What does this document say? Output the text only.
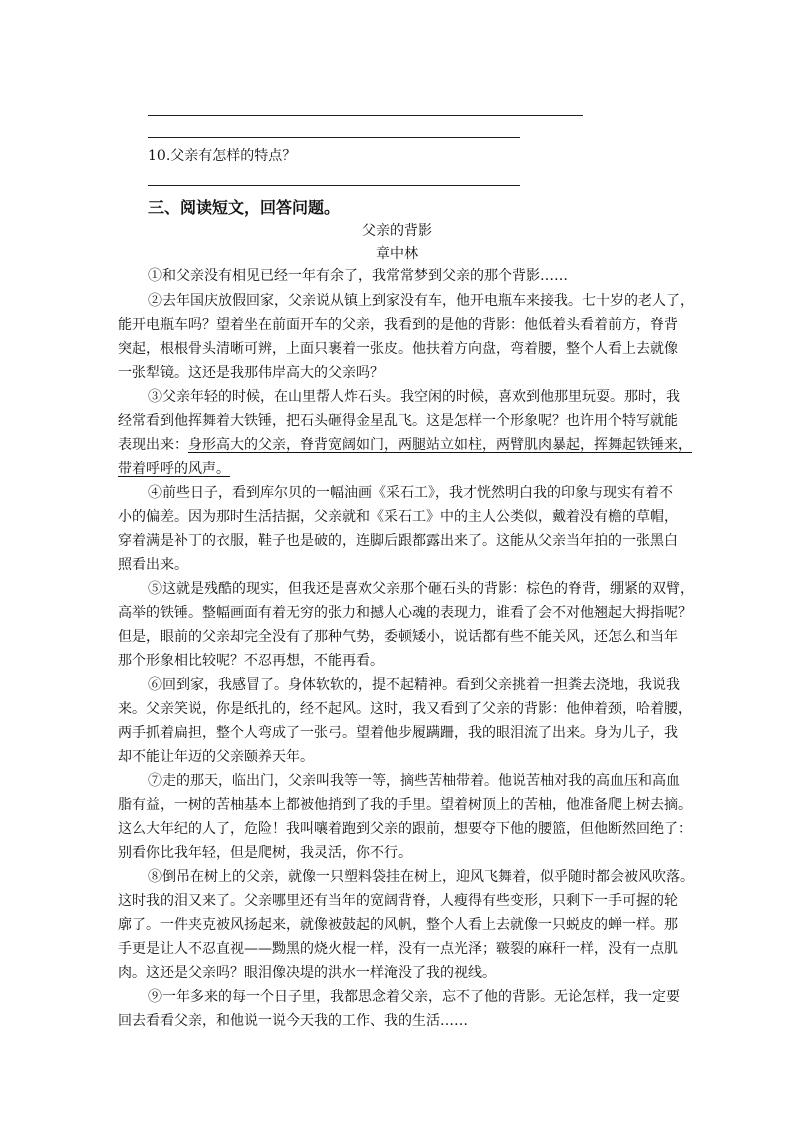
10.父亲有怎样的特点？
三、阅读短文，回答问题。
父亲的背影
章中林
①和父亲没有相见已经一年有余了，我常常梦到父亲的那个背影……
②去年国庆放假回家，父亲说从镇上到家没有车，他开电瓶车来接我。七十岁的老人了，
能开电瓶车吗？望着坐在前面开车的父亲，我看到的是他的背影：他低着头看着前方，脊背
突起，根根骨头清晰可辨，上面只裹着一张皮。他扶着方向盘，弯着腰，整个人看上去就像
一张犁镜。这还是我那伟岸高大的父亲吗？
③父亲年轻的时候，在山里帮人炸石头。我空闲的时候，喜欢到他那里玩耍。那时，我
经常看到他挥舞着大铁锤，把石头砸得金星乱飞。这是怎样一个形象呢？也许用个特写就能
表现出来：身形高大的父亲，脊背宽阔如门，两腿站立如柱，两臂肌肉暴起，挥舞起铁锤来，
带着呼呼的风声。
④前些日子，看到库尔贝的一幅油画《采石工》，我才恍然明白我的印象与现实有着不
小的偏差。因为那时生活拮据，父亲就和《采石工》中的主人公类似，戴着没有檐的草帽，
穿着满是补丁的衣服，鞋子也是破的，连脚后跟都露出来了。这能从父亲当年拍的一张黑白
照看出来。
⑤这就是残酷的现实，但我还是喜欢父亲那个砸石头的背影：棕色的脊背，绷紧的双臂，
高举的铁锤。整幅画面有着无穷的张力和撼人心魂的表现力，谁看了会不对他翘起大拇指呢？
但是，眼前的父亲却完全没有了那种气势，委顿矮小，说话都有些不能关风，还怎么和当年
那个形象相比较呢？不忍再想，不能再看。
⑥回到家，我感冒了。身体软软的，提不起精神。看到父亲挑着一担粪去浇地，我说我
来。父亲笑说，你是纸扎的，经不起风。这时，我又看到了父亲的背影：他伸着颈，哈着腰，
两手抓着扁担，整个人弯成了一张弓。望着他步履蹒跚，我的眼泪流了出来。身为儿子，我
却不能让年迈的父亲颐养天年。
⑦走的那天，临出门，父亲叫我等一等，摘些苦柚带着。他说苦柚对我的高血压和高血
脂有益，一树的苦柚基本上都被他捎到了我的手里。望着树顶上的苦柚，他准备爬上树去摘。
这么大年纪的人了，危险！我叫嚷着跑到父亲的跟前，想要夺下他的腰篮，但他断然回绝了：
别看你比我年轻，但是爬树，我灵活，你不行。
⑧倒吊在树上的父亲，就像一只塑料袋挂在树上，迎风飞舞着，似乎随时都会被风吹落。
这时我的泪又来了。父亲哪里还有当年的宽阔背脊，人瘦得有些变形，只剩下一手可握的轮
廓了。一件夹克被风扬起来，就像被鼓起的风帆，整个人看上去就像一只蜕皮的蝉一样。那
手更是让人不忍直视——黝黑的烧火棍一样，没有一点光泽；皲裂的麻秆一样，没有一点肌
肉。这还是父亲吗？眼泪像决堤的洪水一样淹没了我的视线。
⑨一年多来的每一个日子里，我都思念着父亲，忘不了他的背影。无论怎样，我一定要
回去看看父亲，和他说一说今天我的工作、我的生活……
